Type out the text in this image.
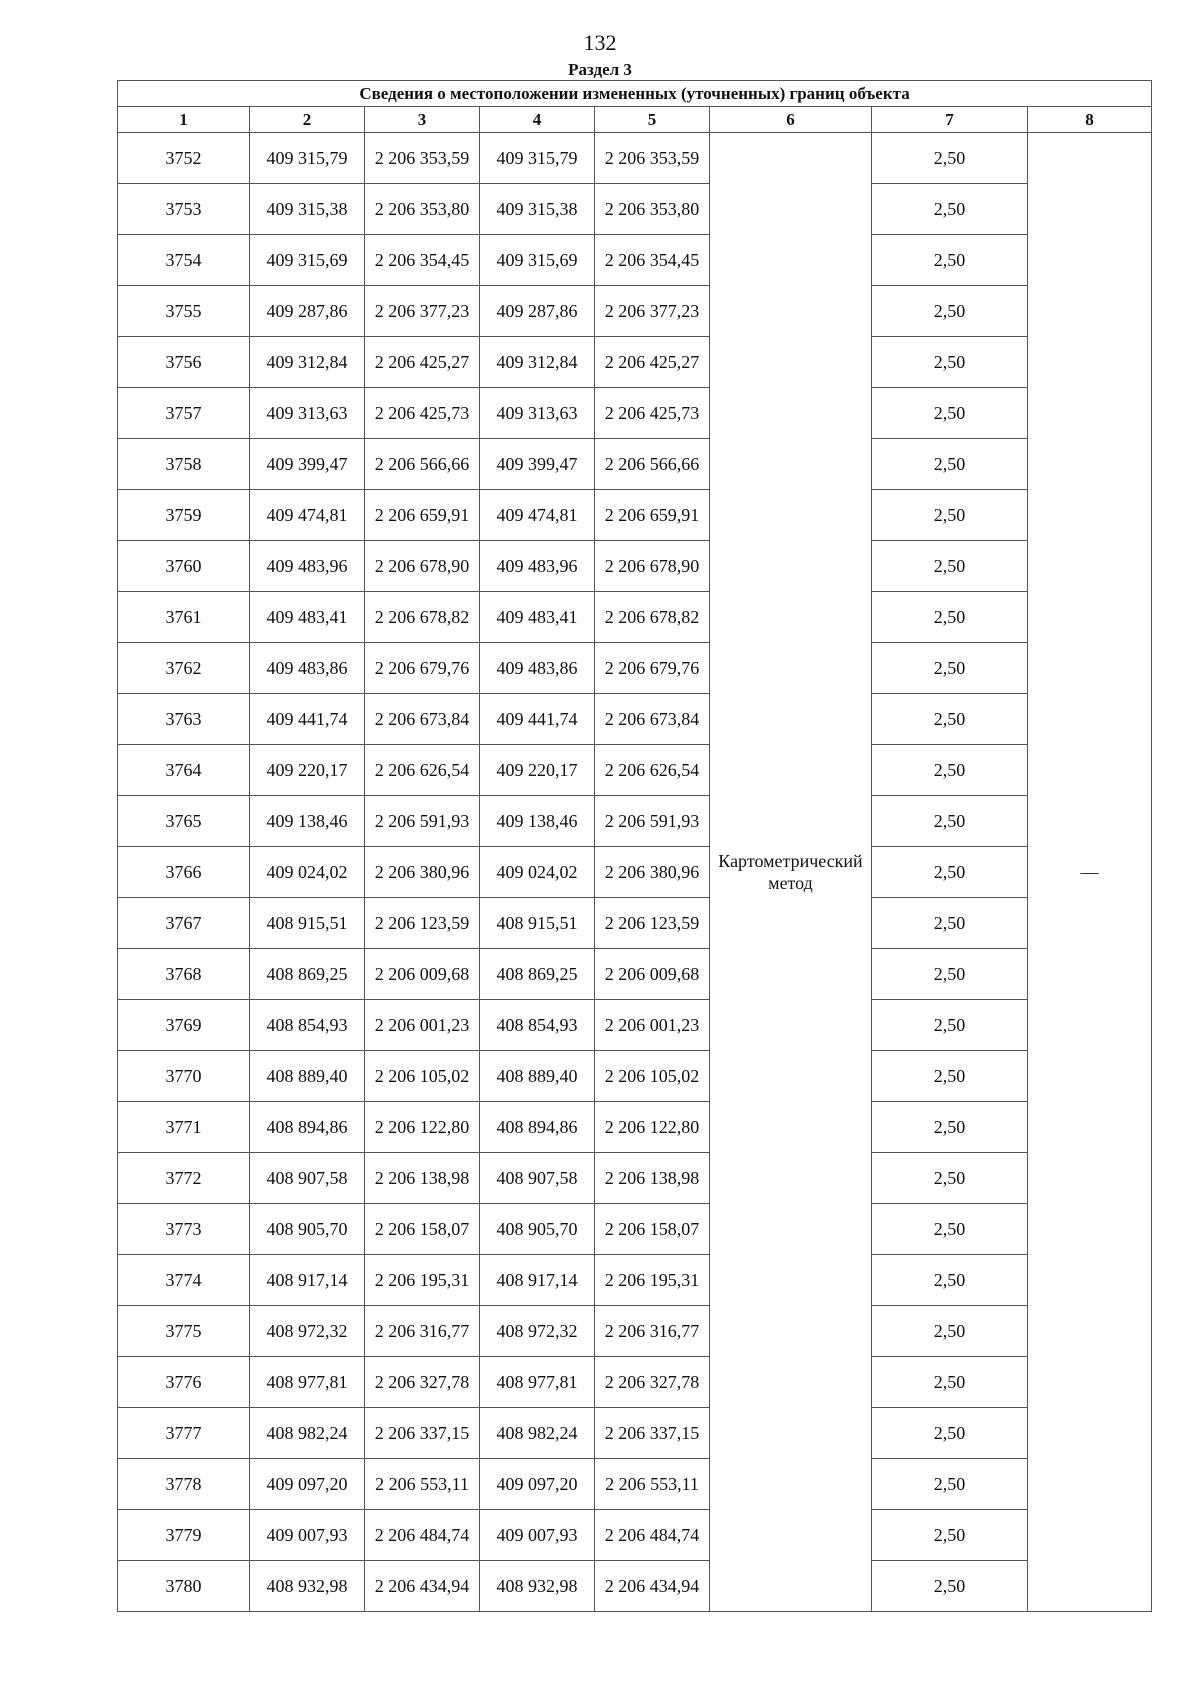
132
Раздел 3
Сведения о местоположении измененных (уточненных) границ объекта							
1	2	3	4	5	6	7	8
3752	409 315,79	2 206 353,59	409 315,79	2 206 353,59	Картометрический метод	2,50	—
3753	409 315,38	2 206 353,80	409 315,38	2 206 353,80		2,50	
3754	409 315,69	2 206 354,45	409 315,69	2 206 354,45		2,50	
3755	409 287,86	2 206 377,23	409 287,86	2 206 377,23		2,50	
3756	409 312,84	2 206 425,27	409 312,84	2 206 425,27		2,50	
3757	409 313,63	2 206 425,73	409 313,63	2 206 425,73		2,50	
3758	409 399,47	2 206 566,66	409 399,47	2 206 566,66		2,50	
3759	409 474,81	2 206 659,91	409 474,81	2 206 659,91		2,50	
3760	409 483,96	2 206 678,90	409 483,96	2 206 678,90		2,50	
3761	409 483,41	2 206 678,82	409 483,41	2 206 678,82		2,50	
3762	409 483,86	2 206 679,76	409 483,86	2 206 679,76		2,50	
3763	409 441,74	2 206 673,84	409 441,74	2 206 673,84		2,50	
3764	409 220,17	2 206 626,54	409 220,17	2 206 626,54		2,50	
3765	409 138,46	2 206 591,93	409 138,46	2 206 591,93		2,50	
3766	409 024,02	2 206 380,96	409 024,02	2 206 380,96		2,50	
3767	408 915,51	2 206 123,59	408 915,51	2 206 123,59		2,50	
3768	408 869,25	2 206 009,68	408 869,25	2 206 009,68		2,50	
3769	408 854,93	2 206 001,23	408 854,93	2 206 001,23		2,50	
3770	408 889,40	2 206 105,02	408 889,40	2 206 105,02		2,50	
3771	408 894,86	2 206 122,80	408 894,86	2 206 122,80		2,50	
3772	408 907,58	2 206 138,98	408 907,58	2 206 138,98		2,50	
3773	408 905,70	2 206 158,07	408 905,70	2 206 158,07		2,50	
3774	408 917,14	2 206 195,31	408 917,14	2 206 195,31		2,50	
3775	408 972,32	2 206 316,77	408 972,32	2 206 316,77		2,50	
3776	408 977,81	2 206 327,78	408 977,81	2 206 327,78		2,50	
3777	408 982,24	2 206 337,15	408 982,24	2 206 337,15		2,50	
3778	409 097,20	2 206 553,11	409 097,20	2 206 553,11		2,50	
3779	409 007,93	2 206 484,74	409 007,93	2 206 484,74		2,50	
3780	408 932,98	2 206 434,94	408 932,98	2 206 434,94		2,50	
